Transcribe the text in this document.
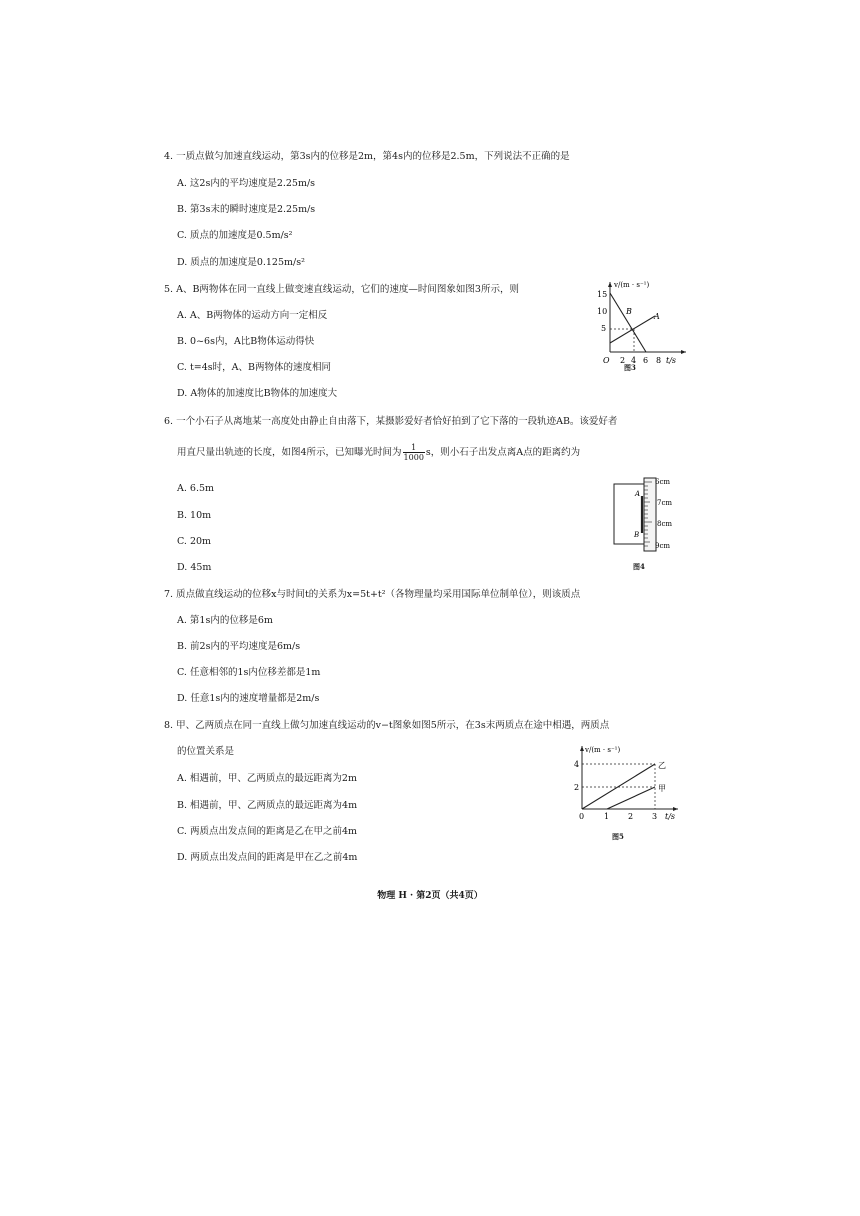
4. 一质点做匀加速直线运动，第3s内的位移是2m，第4s内的位移是2.5m，下列说法不正确的是
A. 这2s内的平均速度是2.25m/s
B. 第3s末的瞬时速度是2.25m/s
C. 质点的加速度是0.5m/s²
D. 质点的加速度是0.125m/s²
5. A、B两物体在同一直线上做变速直线运动，它们的速度—时间图象如图3所示，则
A. A、B两物体的运动方向一定相反
B. 0~6s内，A比B物体运动得快
C. t=4s时，A、B两物体的速度相同
D. A物体的加速度比B物体的加速度大
v/(m · s⁻¹)
15
10
5
O 2 4 6 8 t/s
B
A
图3
6. 一个小石子从离地某一高度处由静止自由落下，某摄影爱好者恰好拍到了它下落的一段轨迹AB。该爱好者
用直尺量出轨迹的长度，如图4所示，已知曝光时间为 $\frac{1}{1000}$ s，则小石子出发点离A点的距离约为
A. 6.5m
B. 10m
C. 20m
D. 45m
A
B
6cm
7cm
8cm
9cm
图4
7. 质点做直线运动的位移x与时间t的关系为x=5t+t²（各物理量均采用国际单位制单位），则该质点
A. 第1s内的位移是6m
B. 前2s内的平均速度是6m/s
C. 任意相邻的1s内位移差都是1m
D. 任意1s内的速度增量都是2m/s
8. 甲、乙两质点在同一直线上做匀加速直线运动的v−t图象如图5所示，在3s末两质点在途中相遇，两质点
的位置关系是
A. 相遇前，甲、乙两质点的最远距离为2m
B. 相遇前，甲、乙两质点的最远距离为4m
C. 两质点出发点间的距离是乙在甲之前4m
D. 两质点出发点间的距离是甲在乙之前4m
v/(m · s⁻¹)
4
2
0 1 2 3 t/s
乙
甲
图5
物理 H · 第2页（共4页）
